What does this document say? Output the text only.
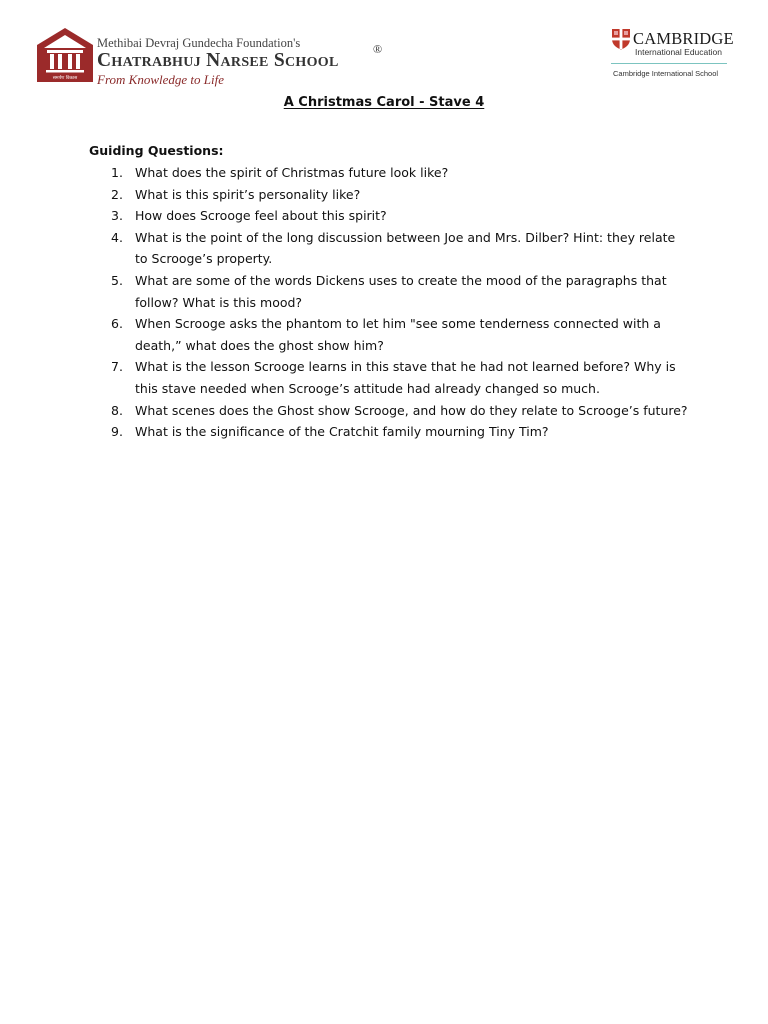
समर्पण विकास
Methibai Devraj Gundecha Foundation's
Chatrabhuj Narsee School
From Knowledge to Life
®
CAMBRIDGE
International Education
Cambridge International School
A Christmas Carol - Stave 4
Guiding Questions:
1. What does the spirit of Christmas future look like?
2. What is this spirit’s personality like?
3. How does Scrooge feel about this spirit?
4. What is the point of the long discussion between Joe and Mrs. Dilber? Hint: they relate to Scrooge’s property.
5. What are some of the words Dickens uses to create the mood of the paragraphs that follow? What is this mood?
6. When Scrooge asks the phantom to let him "see some tenderness connected with a death,” what does the ghost show him?
7. What is the lesson Scrooge learns in this stave that he had not learned before? Why is this stave needed when Scrooge’s attitude had already changed so much.
8. What scenes does the Ghost show Scrooge, and how do they relate to Scrooge’s future?
9. What is the significance of the Cratchit family mourning Tiny Tim?
